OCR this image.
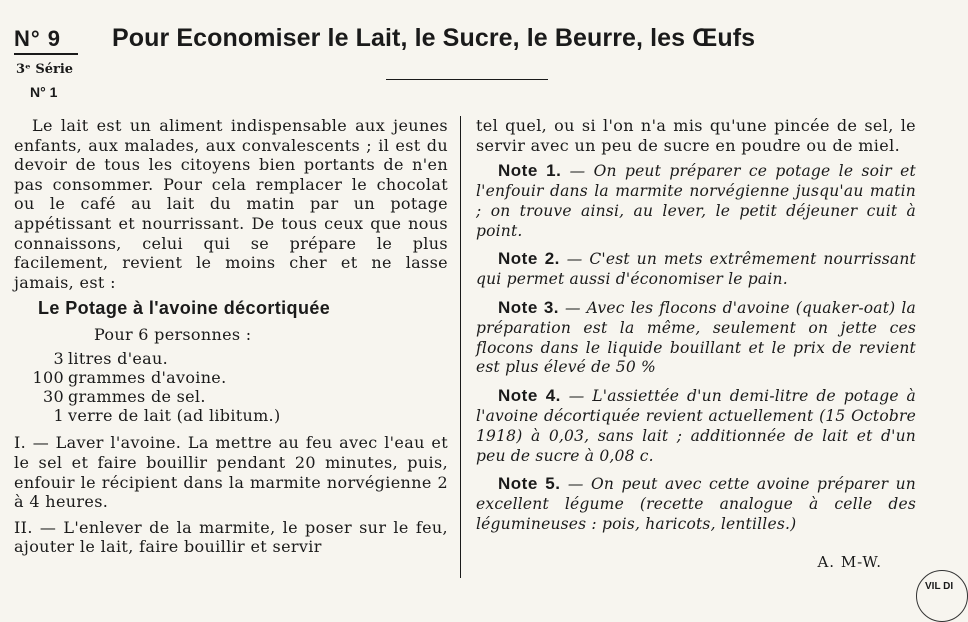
N° 9
3ᵉ Série
N° 1
Pour Economiser le Lait, le Sucre, le Beurre, les Œufs

Le lait est un aliment indispensable aux jeunes enfants, aux malades, aux convalescents ; il est du devoir de tous les citoyens bien portants de n'en pas consommer. Pour cela remplacer le chocolat ou le café au lait du matin par un potage appétissant et nourrissant. De tous ceux que nous connaissons, celui qui se prépare le plus facilement, revient le moins cher et ne lasse jamais, est :

Le Potage à l'avoine décortiquée
Pour 6 personnes :
3 litres d'eau.
100 grammes d'avoine.
30 grammes de sel.
1 verre de lait (ad libitum.)

I. — Laver l'avoine. La mettre au feu avec l'eau et le sel et faire bouillir pendant 20 minutes, puis, enfouir le récipient dans la marmite norvégienne 2 à 4 heures.

II. — L'enlever de la marmite, le poser sur le feu, ajouter le lait, faire bouillir et servir

tel quel, ou si l'on n'a mis qu'une pincée de sel, le servir avec un peu de sucre en poudre ou de miel.

Note 1. — On peut préparer ce potage le soir et l'enfouir dans la marmite norvégienne jusqu'au matin ; on trouve ainsi, au lever, le petit déjeuner cuit à point.

Note 2. — C'est un mets extrêmement nourrissant qui permet aussi d'économiser le pain.

Note 3. — Avec les flocons d'avoine (quaker-oat) la préparation est la même, seulement on jette ces flocons dans le liquide bouillant et le prix de revient est plus élevé de 50 %

Note 4. — L'assiettée d'un demi-litre de potage à l'avoine décortiquée revient actuellement (15 Octobre 1918) à 0,03, sans lait ; additionnée de lait et d'un peu de sucre à 0,08 c.

Note 5. — On peut avec cette avoine préparer un excellent légume (recette analogue à celle des légumineuses : pois, haricots, lentilles.)

A. M-W.
VIL DI
